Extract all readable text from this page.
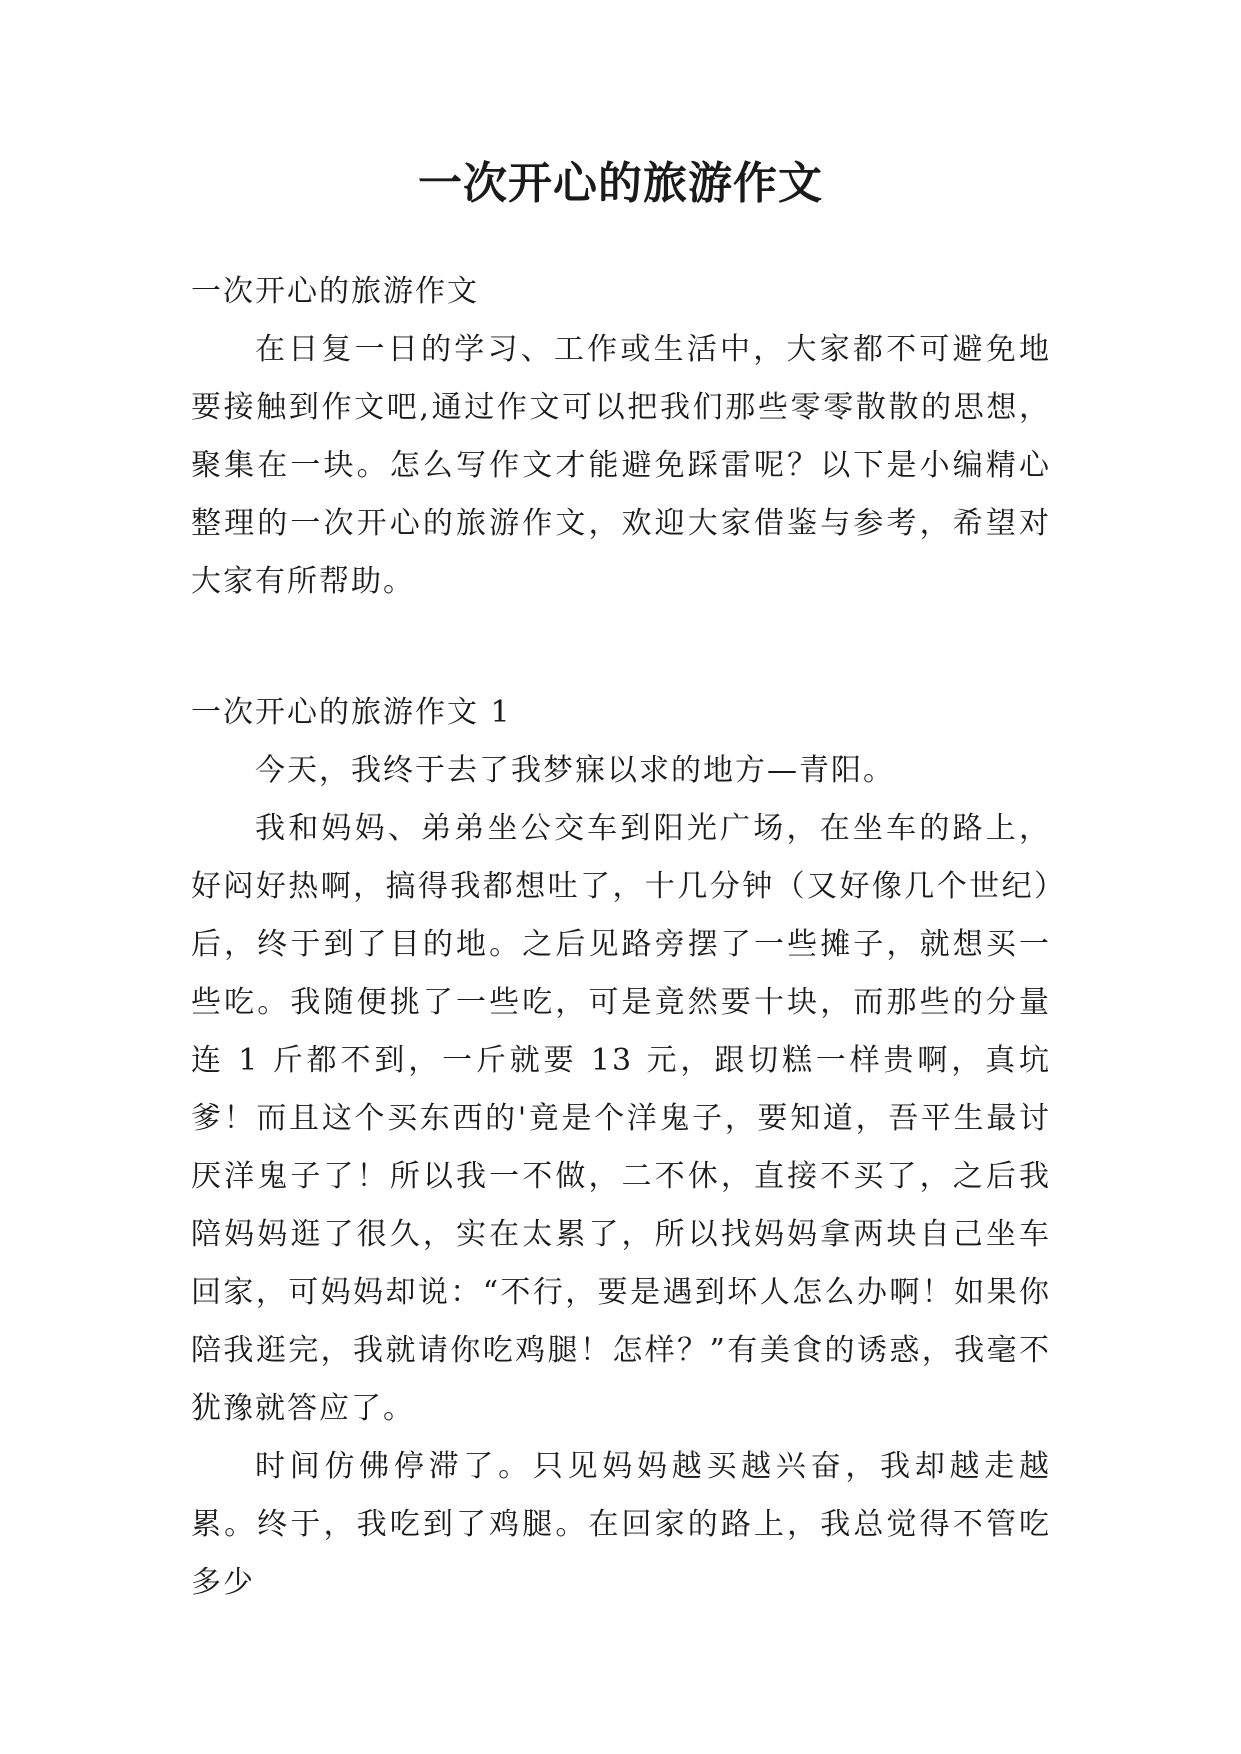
一次开心的旅游作文
一次开心的旅游作文

在日复一日的学习、工作或生活中，大家都不可避免地要接触到作文吧,通过作文可以把我们那些零零散散的思想，聚集在一块。怎么写作文才能避免踩雷呢？以下是小编精心整理的一次开心的旅游作文，欢迎大家借鉴与参考，希望对大家有所帮助。

一次开心的旅游作文 1

今天，我终于去了我梦寐以求的地方—青阳。

我和妈妈、弟弟坐公交车到阳光广场，在坐车的路上，好闷好热啊，搞得我都想吐了，十几分钟（又好像几个世纪）后，终于到了目的地。之后见路旁摆了一些摊子，就想买一些吃。我随便挑了一些吃，可是竟然要十块，而那些的分量连 1 斤都不到，一斤就要 13 元，跟切糕一样贵啊，真坑爹！而且这个买东西的'竟是个洋鬼子，要知道，吾平生最讨厌洋鬼子了！所以我一不做，二不休，直接不买了，之后我陪妈妈逛了很久，实在太累了，所以找妈妈拿两块自己坐车回家，可妈妈却说：“不行，要是遇到坏人怎么办啊！如果你陪我逛完，我就请你吃鸡腿！怎样？”有美食的诱惑，我毫不犹豫就答应了。

时间仿佛停滞了。只见妈妈越买越兴奋，我却越走越累。终于，我吃到了鸡腿。在回家的路上，我总觉得不管吃多少
